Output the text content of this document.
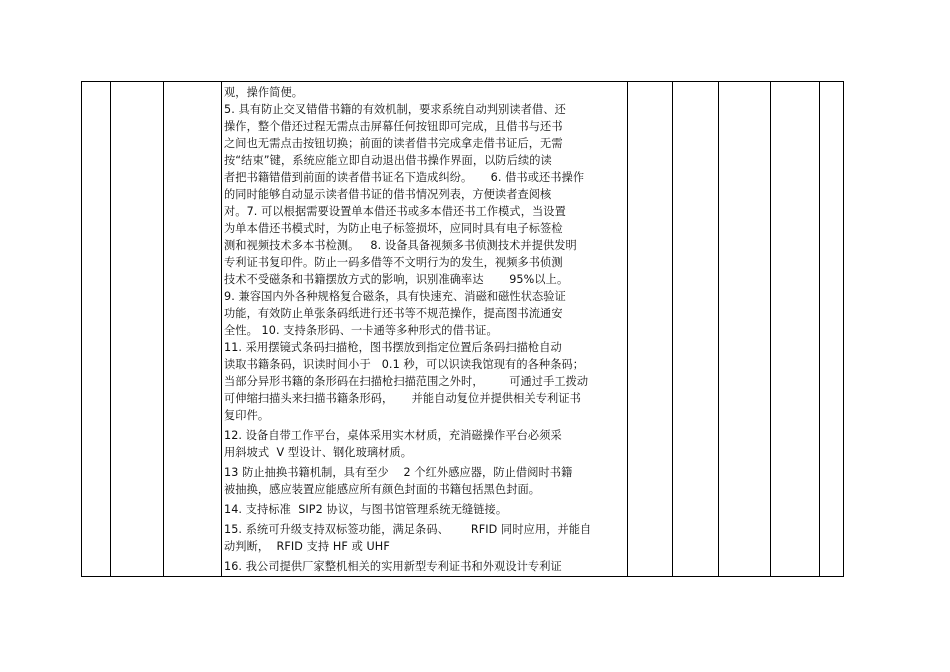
观，操作简便。
5. 具有防止交叉错借书籍的有效机制，要求系统自动判别读者借、还
操作，整个借还过程无需点击屏幕任何按钮即可完成，且借书与还书
之间也无需点击按钮切换；前面的读者借书完成拿走借书证后，无需
按“结束”键，系统应能立即自动退出借书操作界面，以防后续的读
者把书籍错借到前面的读者借书证名下造成纠纷。     6. 借书或还书操作
的同时能够自动显示读者借书证的借书情况列表，方便读者查阅核
对。7. 可以根据需要设置单本借还书或多本借还书工作模式，当设置
为单本借还书模式时，为防止电子标签损坏，应同时具有电子标签检
测和视频技术多本书检测。   8. 设备具备视频多书侦测技术并提供发明
专利证书复印件。防止一码多借等不文明行为的发生，视频多书侦测
技术不受磁条和书籍摆放方式的影响，识别准确率达       95%以上。
9. 兼容国内外各种规格复合磁条，具有快速充、消磁和磁性状态验证
功能，有效防止单张条码纸进行还书等不规范操作，提高图书流通安
全性。 10. 支持条形码、一卡通等多种形式的借书证。
11. 采用摆镜式条码扫描枪，图书摆放到指定位置后条码扫描枪自动
读取书籍条码，识读时间小于   0.1 秒，可以识读我馆现有的各种条码；
当部分异形书籍的条形码在扫描枪扫描范围之外时，       可通过手工拨动
可伸缩扫描头来扫描书籍条形码，     并能自动复位并提供相关专利证书
复印件。
12. 设备自带工作平台，桌体采用实木材质，充消磁操作平台必须采
用斜坡式  V 型设计、钢化玻璃材质。
13 防止抽换书籍机制，具有至少    2 个红外感应器，防止借阅时书籍
被抽换，感应装置应能感应所有颜色封面的书籍包括黑色封面。
14. 支持标准  SIP2 协议，与图书馆管理系统无缝链接。
15. 系统可升级支持双标签功能，满足条码、      RFID 同时应用，并能自
动判断，  RFID 支持 HF 或 UHF
16. 我公司提供厂家整机相关的实用新型专利证书和外观设计专利证
